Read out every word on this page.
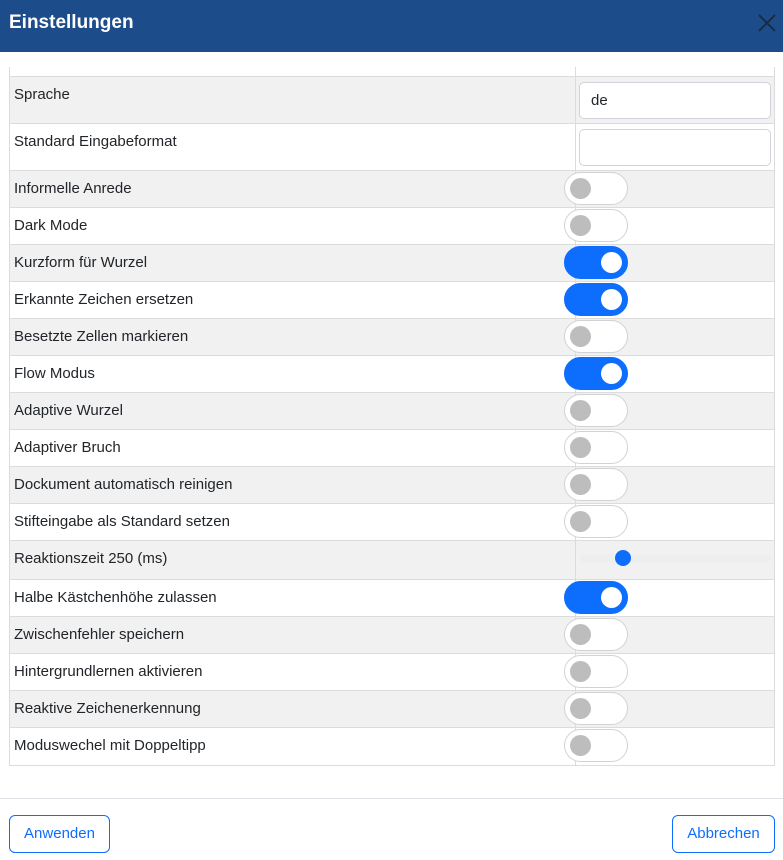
Einstellungen
Sprache
de
Standard Eingabeformat
Informelle Anrede
Dark Mode
Kurzform für Wurzel
Erkannte Zeichen ersetzen
Besetzte Zellen markieren
Flow Modus
Adaptive Wurzel
Adaptiver Bruch
Dockument automatisch reinigen
Stifteingabe als Standard setzen
Reaktionszeit 250 (ms)
Halbe Kästchenhöhe zulassen
Zwischenfehler speichern
Hintergrundlernen aktivieren
Reaktive Zeichenerkennung
Moduswechel mit Doppeltipp
Anwenden	Abbrechen
